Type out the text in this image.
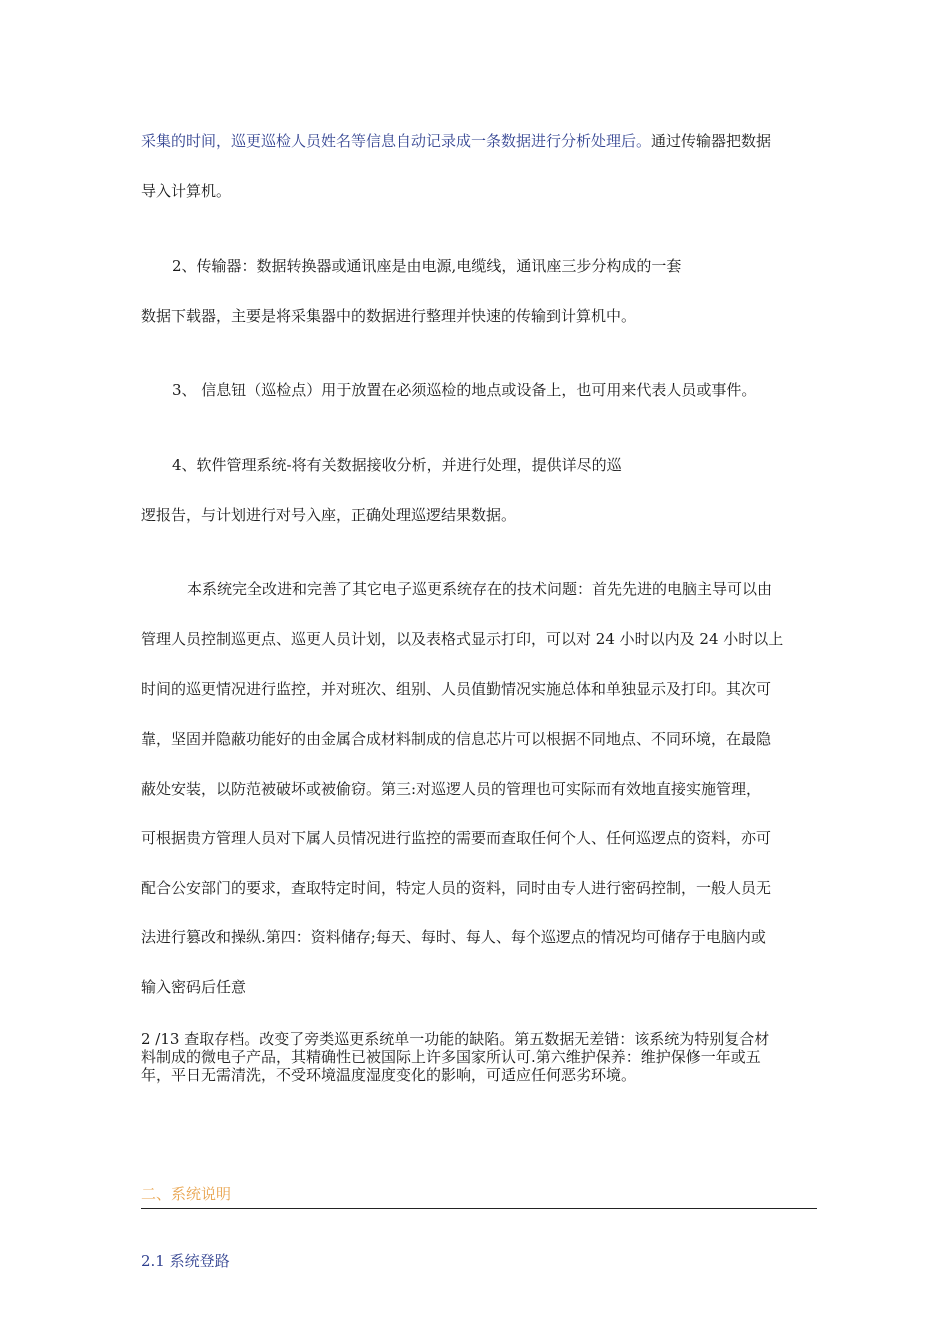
采集的时间，巡更巡检人员姓名等信息自动记录成一条数据进行分析处理后。通过传输器把数据
导入计算机。
2、传输器：数据转换器或通讯座是由电源,电缆线，通讯座三步分构成的一套
数据下载器，主要是将采集器中的数据进行整理并快速的传输到计算机中。
3、 信息钮（巡检点）用于放置在必须巡检的地点或设备上，也可用来代表人员或事件。
4、软件管理系统-将有关数据接收分析，并进行处理，提供详尽的巡
逻报告，与计划进行对号入座，正确处理巡逻结果数据。
本系统完全改进和完善了其它电子巡更系统存在的技术问题：首先先进的电脑主导可以由
管理人员控制巡更点、巡更人员计划，以及表格式显示打印，可以对 24 小时以内及 24 小时以上
时间的巡更情况进行监控，并对班次、组别、人员值勤情况实施总体和单独显示及打印。其次可
靠，坚固并隐蔽功能好的由金属合成材料制成的信息芯片可以根据不同地点、不同环境，在最隐
蔽处安装，以防范被破坏或被偷窃。第三:对巡逻人员的管理也可实际而有效地直接实施管理，
可根据贵方管理人员对下属人员情况进行监控的需要而查取任何个人、任何巡逻点的资料，亦可
配合公安部门的要求，查取特定时间，特定人员的资料，同时由专人进行密码控制，一般人员无
法进行篡改和操纵.第四：资料储存;每天、每时、每人、每个巡逻点的情况均可储存于电脑内或
输入密码后任意
2 /13 查取存档。改变了旁类巡更系统单一功能的缺陷。第五数据无差错：该系统为特别复合材
料制成的微电子产品，其精确性已被国际上许多国家所认可.第六维护保养：维护保修一年或五
年，平日无需清洗，不受环境温度湿度变化的影响，可适应任何恶劣环境。
二、系统说明
2.1 系统登路
